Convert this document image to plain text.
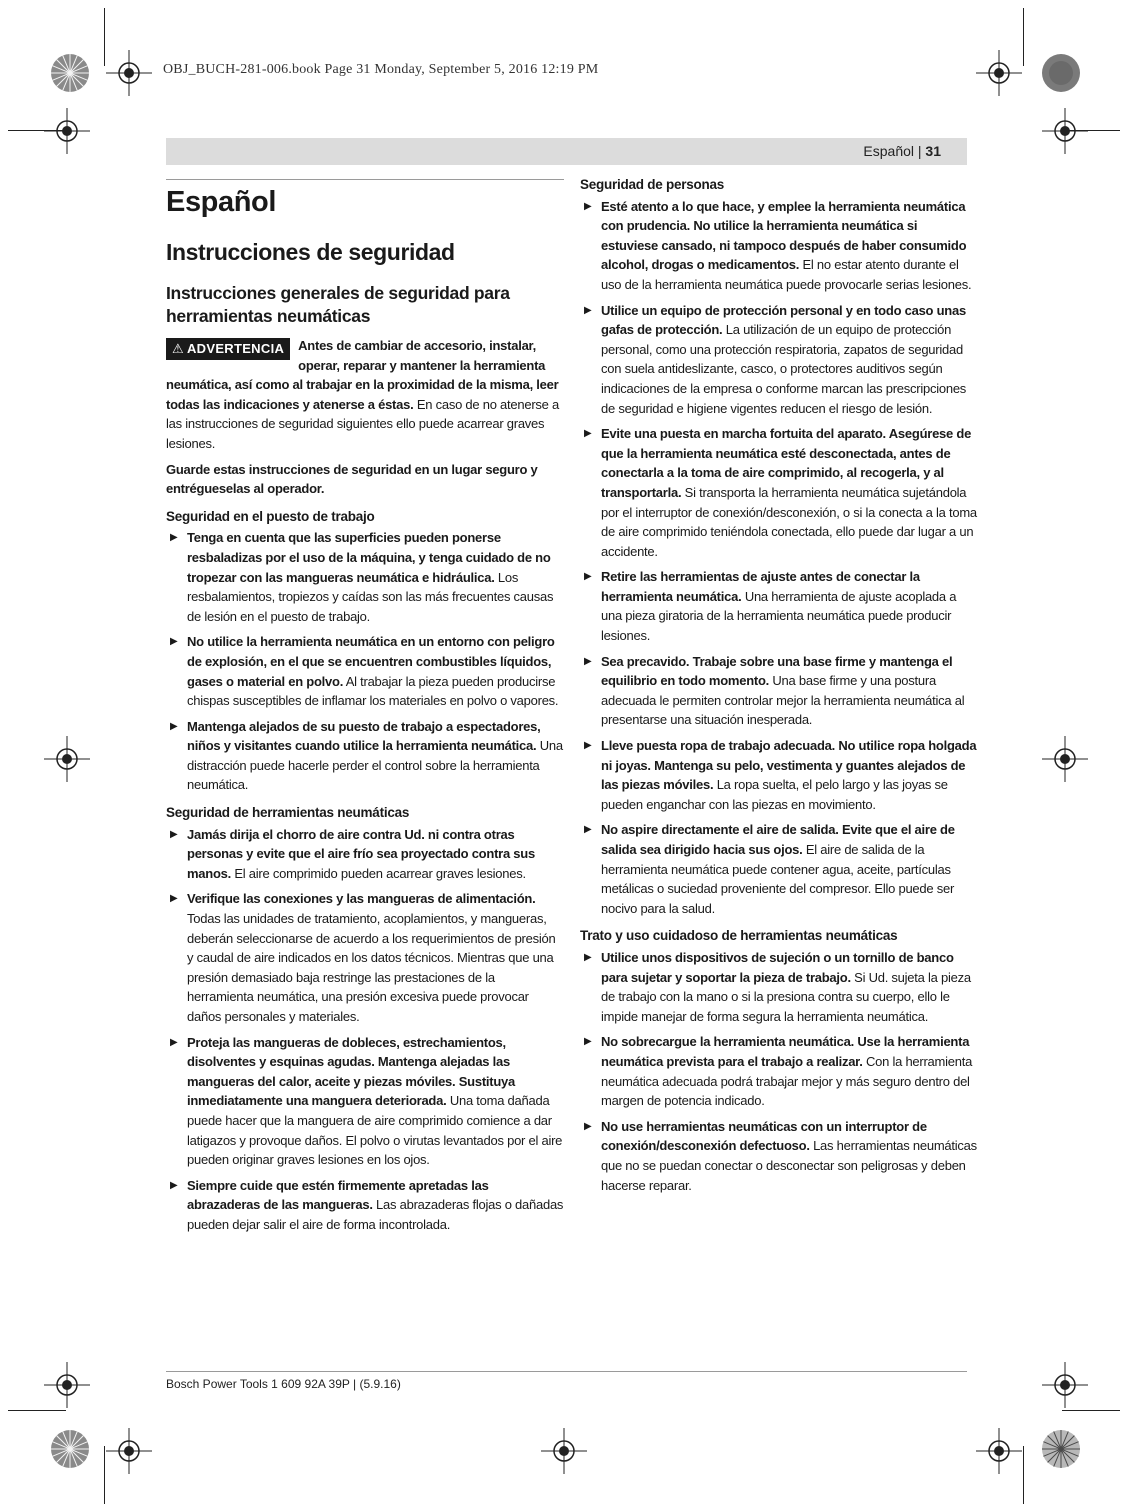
OBJ_BUCH-281-006.book Page 31 Monday, September 5, 2016 12:19 PM
Español | 31
Español
Instrucciones de seguridad
Instrucciones generales de seguridad para herramientas neumáticas
⚠ ADVERTENCIA	Antes de cambiar de accesorio, instalar, operar, reparar y mantener la herramienta neumática, así como al trabajar en la proximidad de la misma, leer todas las indicaciones y atenerse a éstas. En caso de no atenerse a las instrucciones de seguridad siguientes ello puede acarrear graves lesiones.
Guarde estas instrucciones de seguridad en un lugar seguro y entrégueselas al operador.
Seguridad en el puesto de trabajo
▶ Tenga en cuenta que las superficies pueden ponerse resbaladizas por el uso de la máquina, y tenga cuidado de no tropezar con las mangueras neumática e hidráulica. Los resbalamientos, tropiezos y caídas son las más frecuentes causas de lesión en el puesto de trabajo.
▶ No utilice la herramienta neumática en un entorno con peligro de explosión, en el que se encuentren combustibles líquidos, gases o material en polvo. Al trabajar la pieza pueden producirse chispas susceptibles de inflamar los materiales en polvo o vapores.
▶ Mantenga alejados de su puesto de trabajo a espectadores, niños y visitantes cuando utilice la herramienta neumática. Una distracción puede hacerle perder el control sobre la herramienta neumática.
Seguridad de herramientas neumáticas
▶ Jamás dirija el chorro de aire contra Ud. ni contra otras personas y evite que el aire frío sea proyectado contra sus manos. El aire comprimido pueden acarrear graves lesiones.
▶ Verifique las conexiones y las mangueras de alimentación. Todas las unidades de tratamiento, acoplamientos, y mangueras, deberán seleccionarse de acuerdo a los requerimientos de presión y caudal de aire indicados en los datos técnicos. Mientras que una presión demasiado baja restringe las prestaciones de la herramienta neumática, una presión excesiva puede provocar daños personales y materiales.
▶ Proteja las mangueras de dobleces, estrechamientos, disolventes y esquinas agudas. Mantenga alejadas las mangueras del calor, aceite y piezas móviles. Sustituya inmediatamente una manguera deteriorada. Una toma dañada puede hacer que la manguera de aire comprimido comience a dar latigazos y provoque daños. El polvo o virutas levantados por el aire pueden originar graves lesiones en los ojos.
▶ Siempre cuide que estén firmemente apretadas las abrazaderas de las mangueras. Las abrazaderas flojas o dañadas pueden dejar salir el aire de forma incontrolada.
Seguridad de personas
▶ Esté atento a lo que hace, y emplee la herramienta neumática con prudencia. No utilice la herramienta neumática si estuviese cansado, ni tampoco después de haber consumido alcohol, drogas o medicamentos. El no estar atento durante el uso de la herramienta neumática puede provocarle serias lesiones.
▶ Utilice un equipo de protección personal y en todo caso unas gafas de protección. La utilización de un equipo de protección personal, como una protección respiratoria, zapatos de seguridad con suela antideslizante, casco, o protectores auditivos según indicaciones de la empresa o conforme marcan las prescripciones de seguridad e higiene vigentes reducen el riesgo de lesión.
▶ Evite una puesta en marcha fortuita del aparato. Asegúrese de que la herramienta neumática esté desconectada, antes de conectarla a la toma de aire comprimido, al recogerla, y al transportarla. Si transporta la herramienta neumática sujetándola por el interruptor de conexión/desconexión, o si la conecta a la toma de aire comprimido teniéndola conectada, ello puede dar lugar a un accidente.
▶ Retire las herramientas de ajuste antes de conectar la herramienta neumática. Una herramienta de ajuste acoplada a una pieza giratoria de la herramienta neumática puede producir lesiones.
▶ Sea precavido. Trabaje sobre una base firme y mantenga el equilibrio en todo momento. Una base firme y una postura adecuada le permiten controlar mejor la herramienta neumática al presentarse una situación inesperada.
▶ Lleve puesta ropa de trabajo adecuada. No utilice ropa holgada ni joyas. Mantenga su pelo, vestimenta y guantes alejados de las piezas móviles. La ropa suelta, el pelo largo y las joyas se pueden enganchar con las piezas en movimiento.
▶ No aspire directamente el aire de salida. Evite que el aire de salida sea dirigido hacia sus ojos. El aire de salida de la herramienta neumática puede contener agua, aceite, partículas metálicas o suciedad proveniente del compresor. Ello puede ser nocivo para la salud.
Trato y uso cuidadoso de herramientas neumáticas
▶ Utilice unos dispositivos de sujeción o un tornillo de banco para sujetar y soportar la pieza de trabajo. Si Ud. sujeta la pieza de trabajo con la mano o si la presiona contra su cuerpo, ello le impide manejar de forma segura la herramienta neumática.
▶ No sobrecargue la herramienta neumática. Use la herramienta neumática prevista para el trabajo a realizar. Con la herramienta neumática adecuada podrá trabajar mejor y más seguro dentro del margen de potencia indicado.
▶ No use herramientas neumáticas con un interruptor de conexión/desconexión defectuoso. Las herramientas neumáticas que no se puedan conectar o desconectar son peligrosas y deben hacerse reparar.
Bosch Power Tools 1 609 92A 39P | (5.9.16)
